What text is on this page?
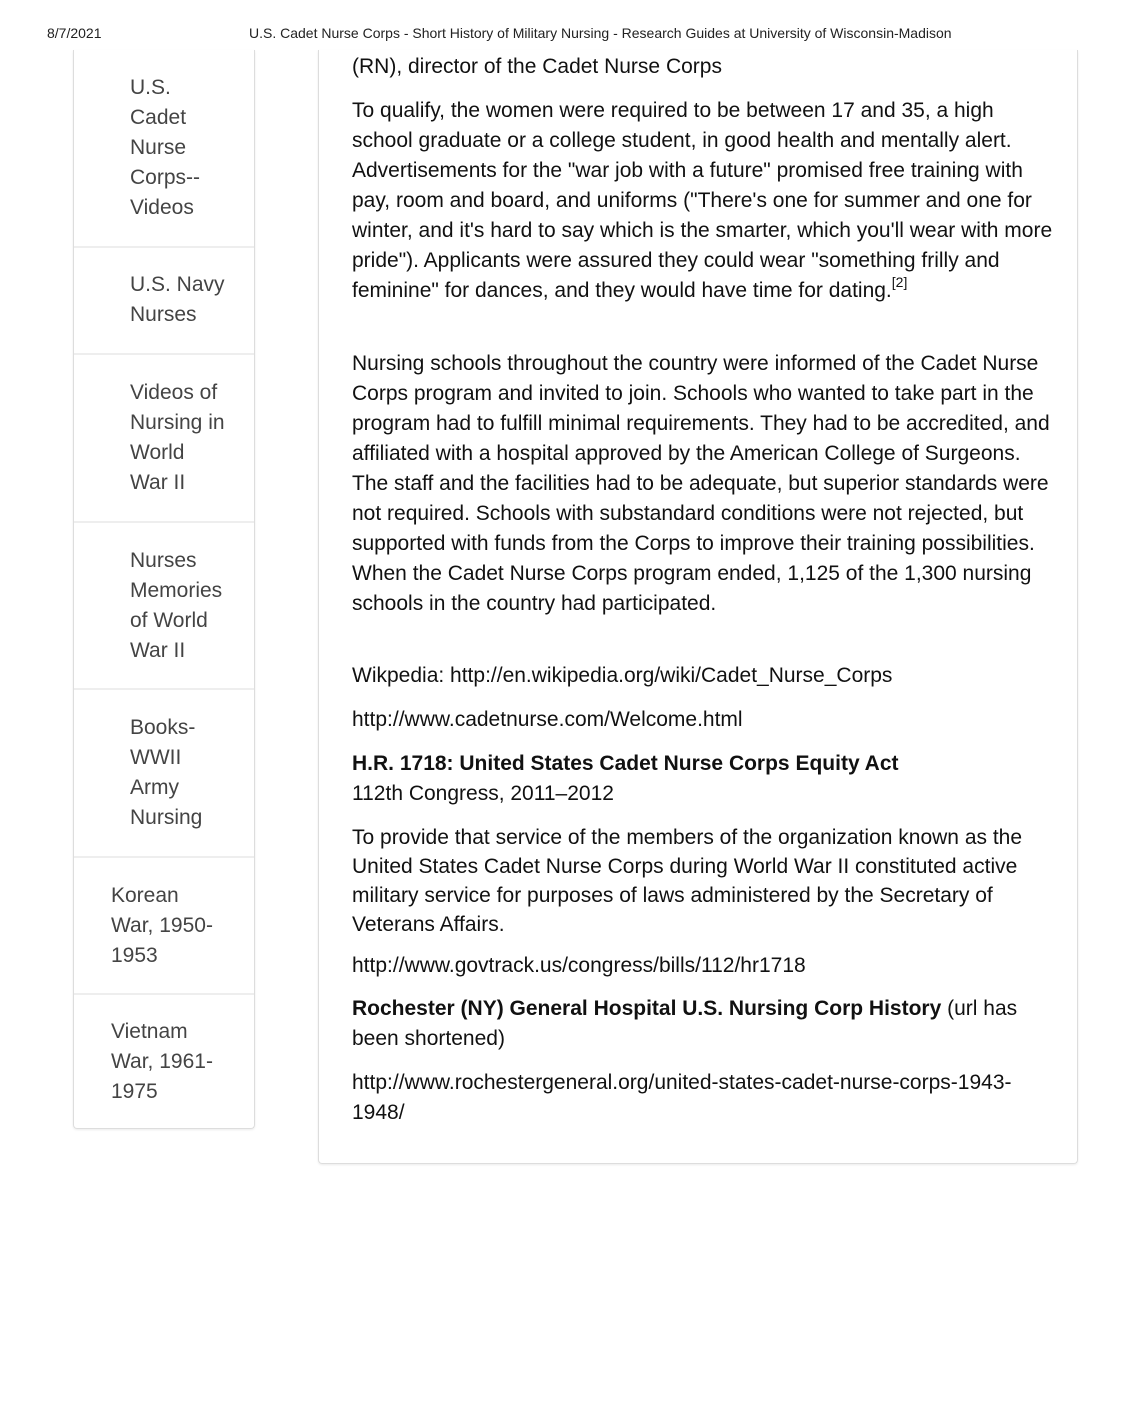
8/7/2021	U.S. Cadet Nurse Corps - Short History of Military Nursing - Research Guides at University of Wisconsin-Madison
U.S.
Cadet
Nurse
Corps--
Videos
U.S. Navy
Nurses
Videos of
Nursing in
World
War II
Nurses
Memories
of World
War II
Books-
WWII
Army
Nursing
Korean
War, 1950-
1953
Vietnam
War, 1961-
1975
(RN), director of the Cadet Nurse Corps

To qualify, the women were required to be between 17 and 35, a high school graduate or a college student, in good health and mentally alert. Advertisements for the "war job with a future" promised free training with pay, room and board, and uniforms ("There's one for summer and one for winter, and it's hard to say which is the smarter, which you'll wear with more pride"). Applicants were assured they could wear "something frilly and feminine" for dances, and they would have time for dating.[2]

Nursing schools throughout the country were informed of the Cadet Nurse Corps program and invited to join. Schools who wanted to take part in the program had to fulfill minimal requirements. They had to be accredited, and affiliated with a hospital approved by the American College of Surgeons. The staff and the facilities had to be adequate, but superior standards were not required. Schools with substandard conditions were not rejected, but supported with funds from the Corps to improve their training possibilities. When the Cadet Nurse Corps program ended, 1,125 of the 1,300 nursing schools in the country had participated.

Wikpedia: http://en.wikipedia.org/wiki/Cadet_Nurse_Corps
http://www.cadetnurse.com/Welcome.html
H.R. 1718: United States Cadet Nurse Corps Equity Act
112th Congress, 2011–2012

To provide that service of the members of the organization known as the United States Cadet Nurse Corps during World War II constituted active military service for purposes of laws administered by the Secretary of Veterans Affairs.

http://www.govtrack.us/congress/bills/112/hr1718

Rochester (NY) General Hospital U.S. Nursing Corp History (url has been shortened)

http://www.rochestergeneral.org/united-states-cadet-nurse-corps-1943-1948/
